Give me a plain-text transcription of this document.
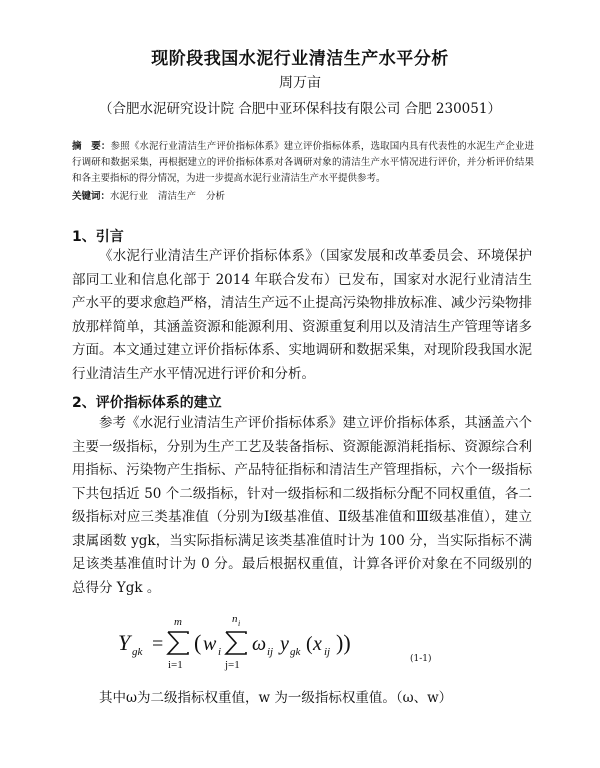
现阶段我国水泥行业清洁生产水平分析
周万亩
（合肥水泥研究设计院 合肥中亚环保科技有限公司 合肥 230051）
摘　要：参照《水泥行业清洁生产评价指标体系》建立评价指标体系，选取国内具有代表性的水泥生产企业进行调研和数据采集，再根据建立的评价指标体系对各调研对象的清洁生产水平情况进行评价，并分析评价结果和各主要指标的得分情况，为进一步提高水泥行业清洁生产水平提供参考。
关键词：水泥行业 清洁生产 分析
1、引言
《水泥行业清洁生产评价指标体系》（国家发展和改革委员会、环境保护部同工业和信息化部于 2014 年联合发布）已发布，国家对水泥行业清洁生产水平的要求愈趋严格，清洁生产远不止提高污染物排放标准、减少污染物排放那样简单，其涵盖资源和能源利用、资源重复利用以及清洁生产管理等诸多方面。本文通过建立评价指标体系、实地调研和数据采集，对现阶段我国水泥行业清洁生产水平情况进行评价和分析。
2、评价指标体系的建立
参考《水泥行业清洁生产评价指标体系》建立评价指标体系，其涵盖六个主要一级指标，分别为生产工艺及装备指标、资源能源消耗指标、资源综合利用指标、污染物产生指标、产品特征指标和清洁生产管理指标，六个一级指标下共包括近 50 个二级指标，针对一级指标和二级指标分配不同权重值，各二级指标对应三类基准值（分别为Ⅰ级基准值、Ⅱ级基准值和Ⅲ级基准值），建立隶属函数 ygk，当实际指标满足该类基准值时计为 100 分，当实际指标不满足该类基准值时计为 0 分。最后根据权重值，计算各评价对象在不同级别的总得分 Ygk 。
Y gk =
m
i=1
( w i
n i
j=1
ω ij y gk ( x ij ))
(1-1)
其中ω为二级指标权重值，w 为一级指标权重值。（ω、w）
